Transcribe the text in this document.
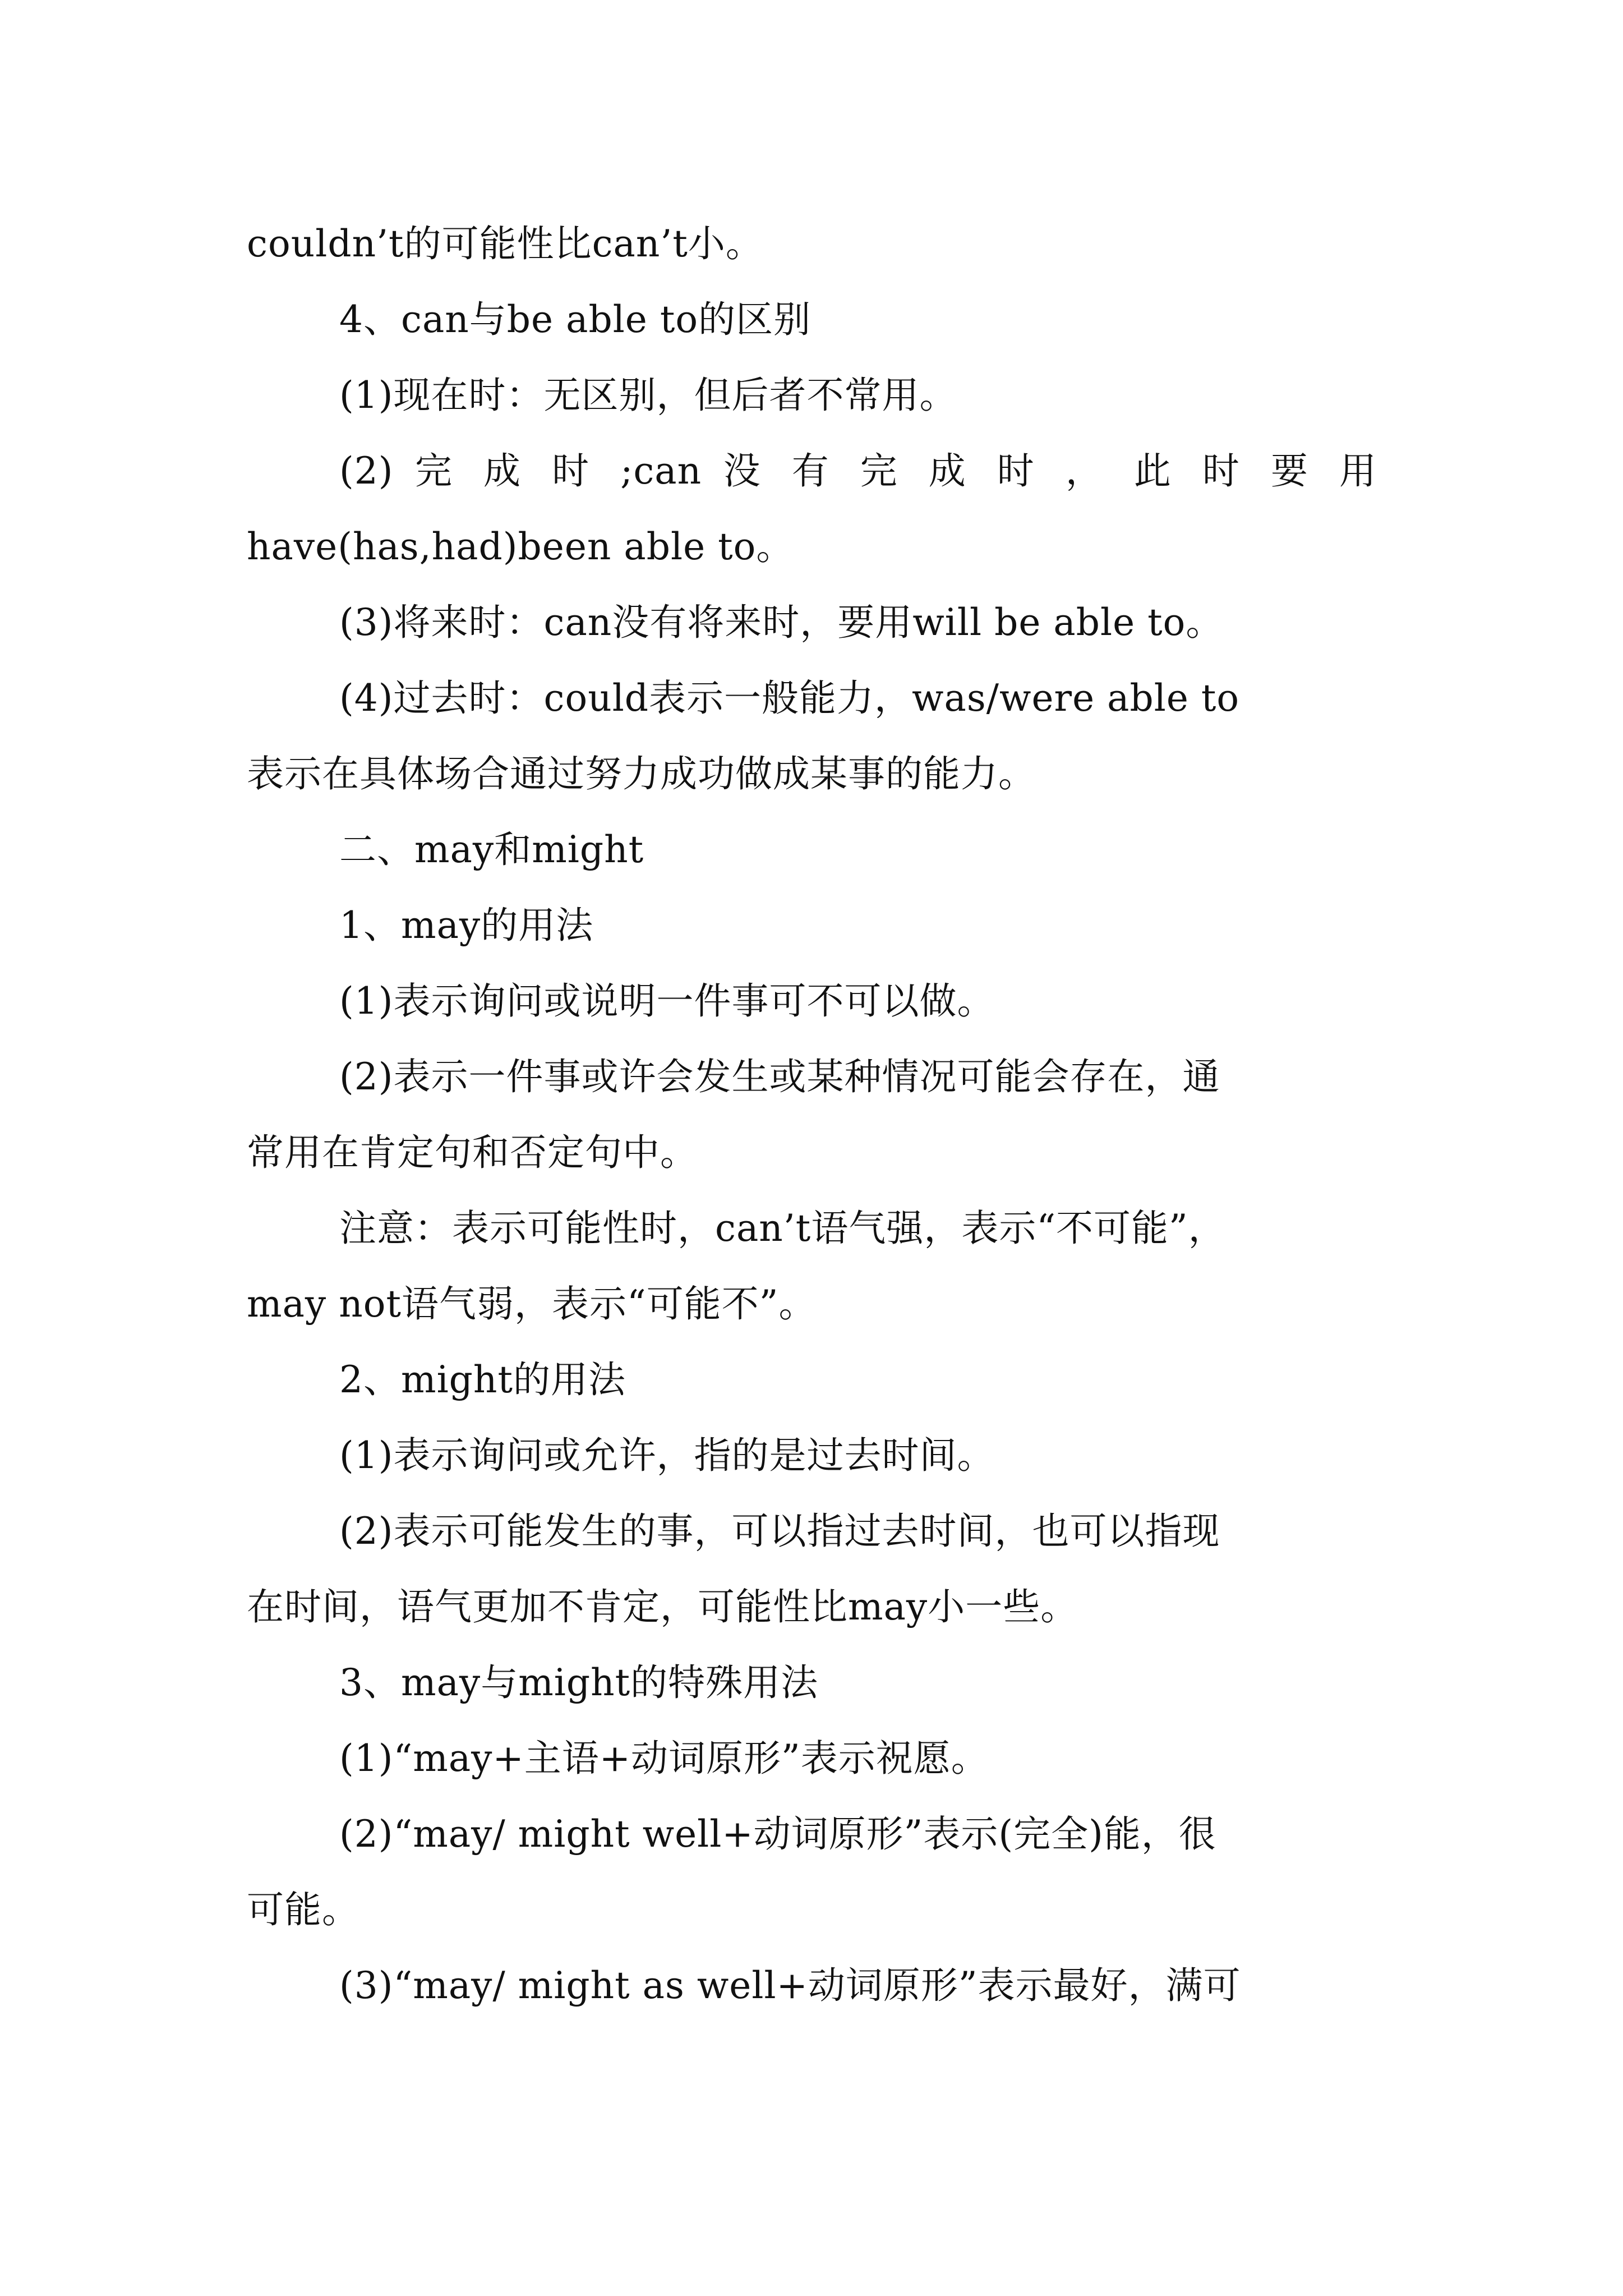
couldn’t的可能性比can’t小。
4、can与be able to的区别
(1)现在时：无区别，但后者不常用。
(2) 完 成 时 ;can 没 有 完 成 时 ， 此 时 要 用
have(has,had)been able to。
(3)将来时：can没有将来时，要用will be able to。
(4)过去时：could表示一般能力，was/were able to
表示在具体场合通过努力成功做成某事的能力。
二、may和might
1、may的用法
(1)表示询问或说明一件事可不可以做。
(2)表示一件事或许会发生或某种情况可能会存在，通
常用在肯定句和否定句中。
注意：表示可能性时，can’t语气强，表示“不可能”，
may not语气弱，表示“可能不”。
2、might的用法
(1)表示询问或允许，指的是过去时间。
(2)表示可能发生的事，可以指过去时间，也可以指现
在时间，语气更加不肯定，可能性比may小一些。
3、may与might的特殊用法
(1)“may+主语+动词原形”表示祝愿。
(2)“may/ might well+动词原形”表示(完全)能，很
可能。
(3)“may/ might as well+动词原形”表示最好，满可
